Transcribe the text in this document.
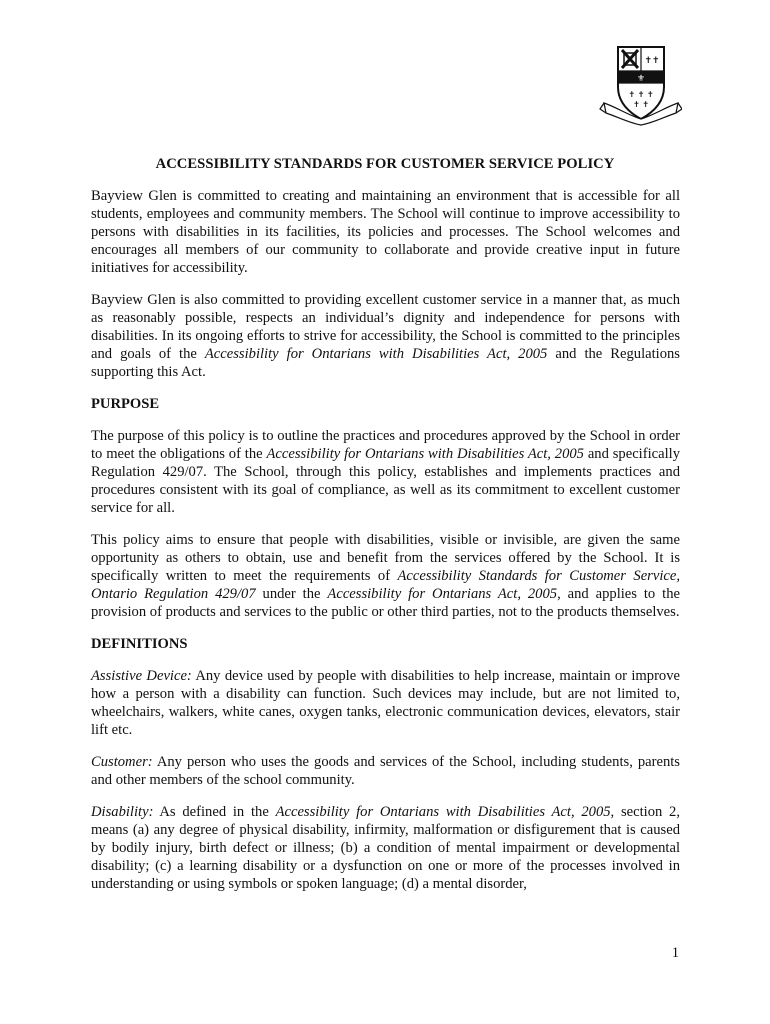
✝✝
⚜
✝ ✝ ✝
✝ ✝
ACCESSIBILITY STANDARDS FOR CUSTOMER SERVICE POLICY

Bayview Glen is committed to creating and maintaining an environment that is accessible for all students, employees and community members. The School will continue to improve accessibility to persons with disabilities in its facilities, its policies and processes. The School welcomes and encourages all members of our community to collaborate and provide creative input in future initiatives for accessibility.

Bayview Glen is also committed to providing excellent customer service in a manner that, as much as reasonably possible, respects an individual’s dignity and independence for persons with disabilities. In its ongoing efforts to strive for accessibility, the School is committed to the principles and goals of the Accessibility for Ontarians with Disabilities Act, 2005 and the Regulations supporting this Act.

PURPOSE

The purpose of this policy is to outline the practices and procedures approved by the School in order to meet the obligations of the Accessibility for Ontarians with Disabilities Act, 2005 and specifically Regulation 429/07. The School, through this policy, establishes and implements practices and procedures consistent with its goal of compliance, as well as its commitment to excellent customer service for all.

This policy aims to ensure that people with disabilities, visible or invisible, are given the same opportunity as others to obtain, use and benefit from the services offered by the School. It is specifically written to meet the requirements of Accessibility Standards for Customer Service, Ontario Regulation 429/07 under the Accessibility for Ontarians Act, 2005, and applies to the provision of products and services to the public or other third parties, not to the products themselves.

DEFINITIONS

Assistive Device: Any device used by people with disabilities to help increase, maintain or improve how a person with a disability can function. Such devices may include, but are not limited to, wheelchairs, walkers, white canes, oxygen tanks, electronic communication devices, elevators, stair lift etc.

Customer: Any person who uses the goods and services of the School, including students, parents and other members of the school community.

Disability: As defined in the Accessibility for Ontarians with Disabilities Act, 2005, section 2, means (a) any degree of physical disability, infirmity, malformation or disfigurement that is caused by bodily injury, birth defect or illness; (b) a condition of mental impairment or developmental disability; (c) a learning disability or a dysfunction on one or more of the processes involved in understanding or using symbols or spoken language; (d) a mental disorder,

1
